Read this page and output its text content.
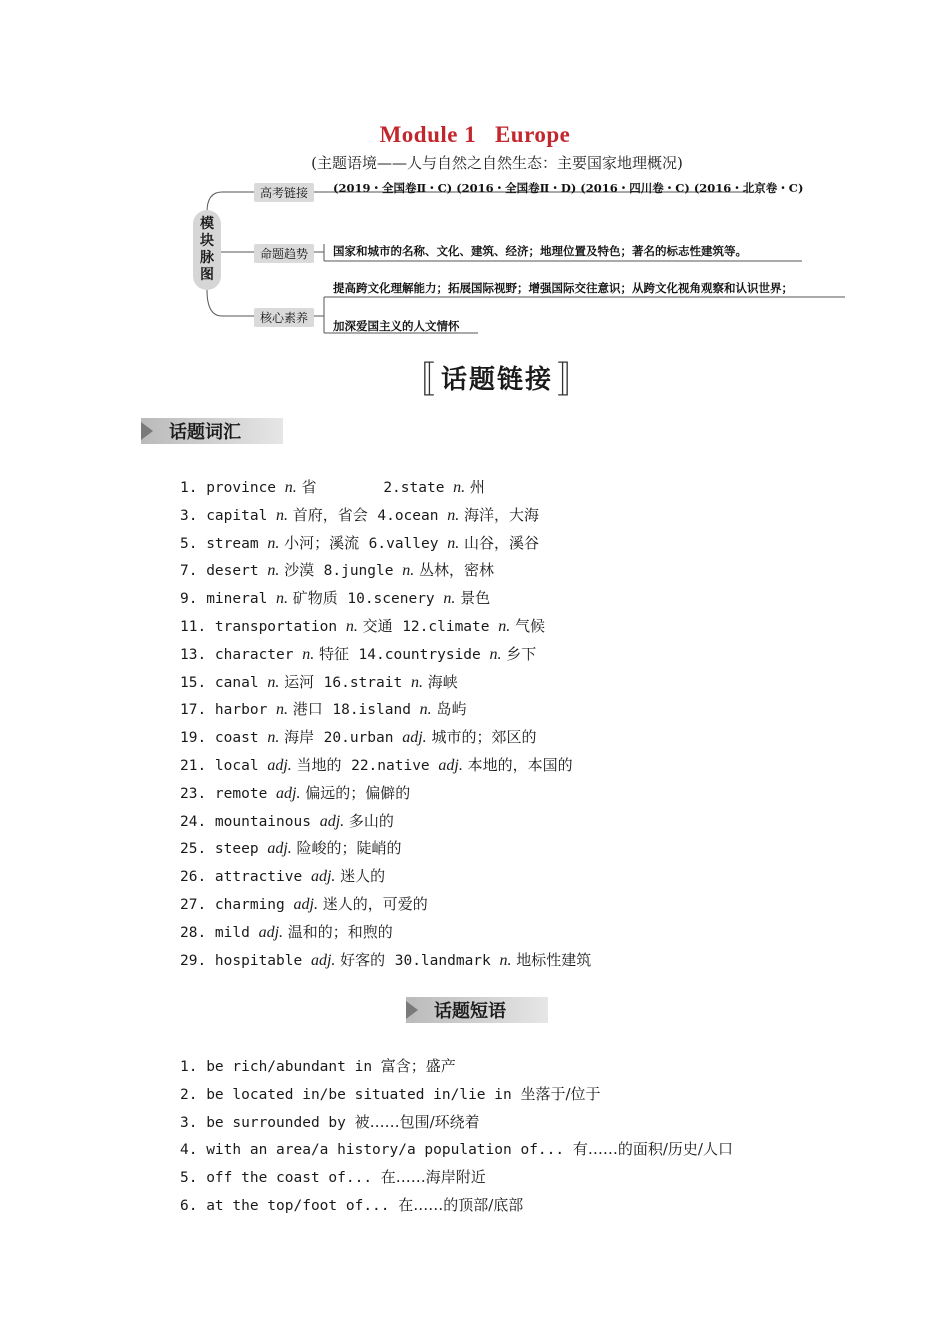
Module 1   Europe
(主题语境——人与自然之自然生态：主要国家地理概况)
模
块
脉
图
高考链接	(2019・全国卷Ⅱ・C) (2016・全国卷Ⅱ・D) (2016・四川卷・C) (2016・北京卷・C)
命题趋势	国家和城市的名称、文化、建筑、经济；地理位置及特色；著名的标志性建筑等。
核心素养
提高跨文化理解能力；拓展国际视野；增强国际交往意识；从跨文化视角观察和认识世界；
加深爱国主义的人文情怀
〚 话题链接 〛
话题词汇
1. province n. 省	2.state n. 州
3. capital n. 首府，省会 4.ocean n. 海洋，大海
5. stream n. 小河；溪流 6.valley n. 山谷，溪谷
7. desert n. 沙漠 8.jungle n. 丛林，密林
9. mineral n. 矿物质 10.scenery n. 景色
11. transportation n. 交通 12.climate n. 气候
13. character n. 特征 14.countryside n. 乡下
15. canal n. 运河 16.strait n. 海峡
17. harbor n. 港口 18.island n. 岛屿
19. coast n. 海岸 20.urban adj. 城市的；郊区的
21. local adj. 当地的 22.native adj. 本地的，本国的
23. remote adj. 偏远的；偏僻的
24. mountainous adj. 多山的
25. steep adj. 险峻的；陡峭的
26. attractive adj. 迷人的
27. charming adj. 迷人的，可爱的
28. mild adj. 温和的；和煦的
29. hospitable adj. 好客的 30.landmark n. 地标性建筑
话题短语
1. be rich/abundant in 富含；盛产
2. be located in/be situated in/lie in 坐落于/位于
3. be surrounded by 被……包围/环绕着
4. with an area/a history/a population of... 有……的面积/历史/人口
5. off the coast of... 在……海岸附近
6. at the top/foot of... 在……的顶部/底部
